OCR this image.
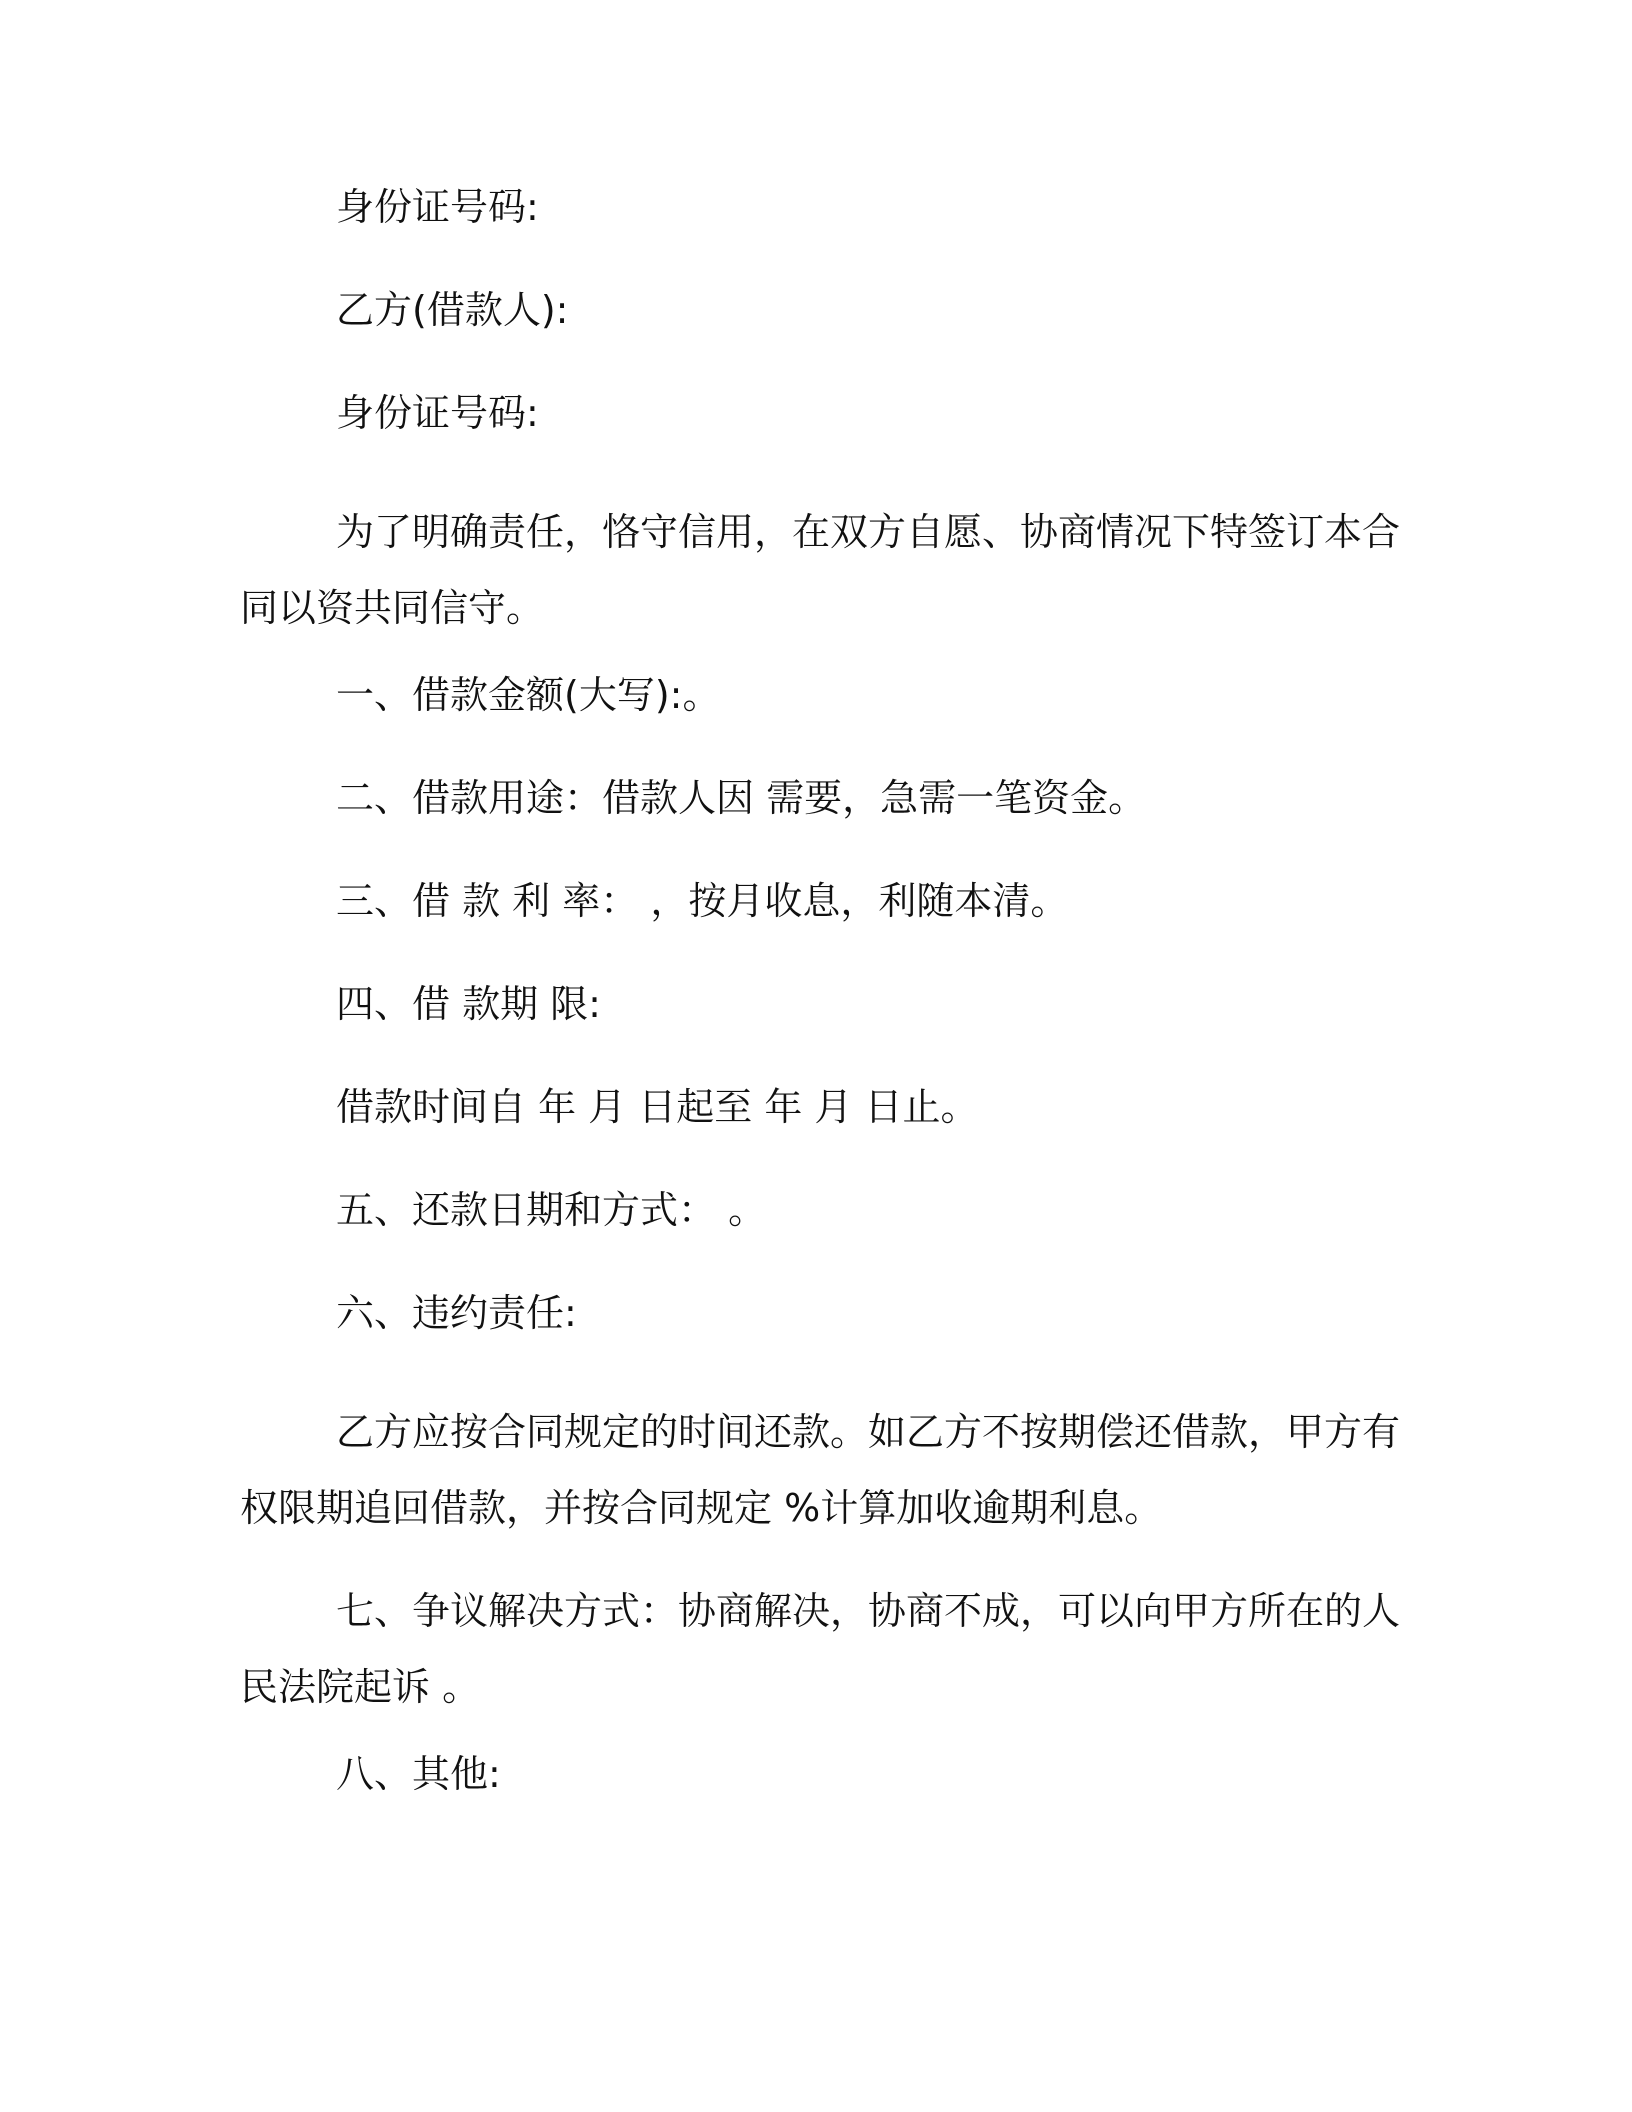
身份证号码:

乙方(借款人):

身份证号码:

为了明确责任，恪守信用，在双方自愿、协商情况下特签订本合
同以资共同信守。

一、借款金额(大写):。

二、借款用途：借款人因 需要，急需一笔资金。

三、借 款 利 率： ，按月收息，利随本清。

四、借 款期 限:

借款时间自 年 月 日起至 年 月 日止。

五、还款日期和方式： 。

六、违约责任:

乙方应按合同规定的时间还款。如乙方不按期偿还借款，甲方有
权限期追回借款，并按合同规定 %计算加收逾期利息。

七、争议解决方式：协商解决，协商不成，可以向甲方所在的人
民法院起诉 。

八、其他:
